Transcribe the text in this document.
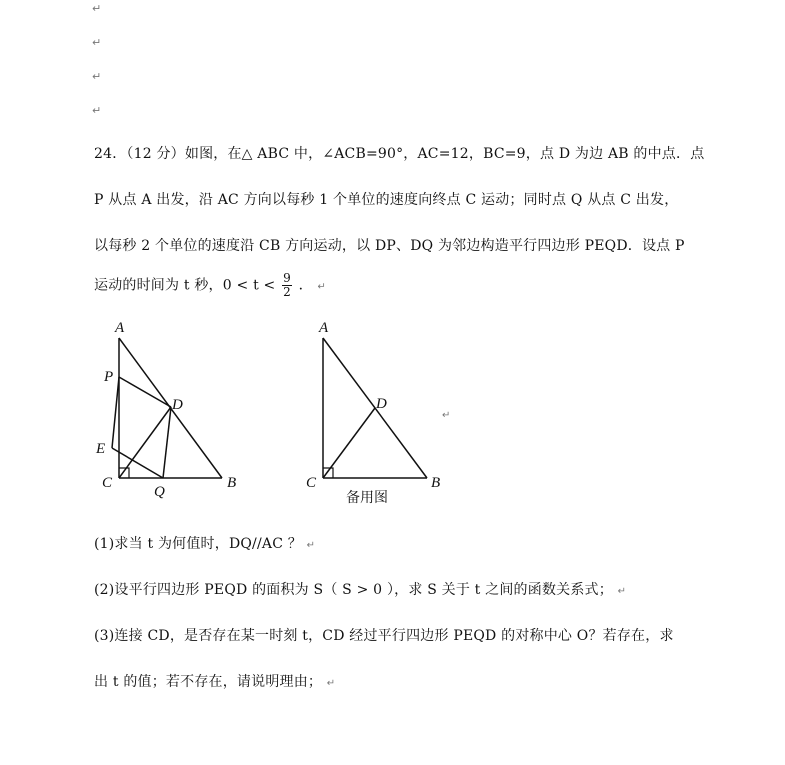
↵
↵
↵
↵
24．（12 分）如图，在△ ABC 中，∠ACB=90°，AC=12，BC=9，点 D 为边 AB 的中点．点
P 从点 A 出发，沿 AC 方向以每秒 1 个单位的速度向终点 C 运动；同时点 Q 从点 C 出发，
以每秒 2 个单位的速度沿 CB 方向运动，以 DP、DQ 为邻边构造平行四边形 PEQD．设点 P
运动的时间为 t 秒，$0 < t < \frac{9}{2}$ ． ↵
A
P
D
E
C
Q
B
A
D
C	B
备用图
↵
(1)求当 t 为何值时，DQ//AC ？ ↵
(2)设平行四边形 PEQD 的面积为 S（ S > 0 ），求 S 关于 t 之间的函数关系式； ↵
(3)连接 CD，是否存在某一时刻 t，CD 经过平行四边形 PEQD 的对称中心 O？若存在，求
出 t 的值；若不存在，请说明理由； ↵
